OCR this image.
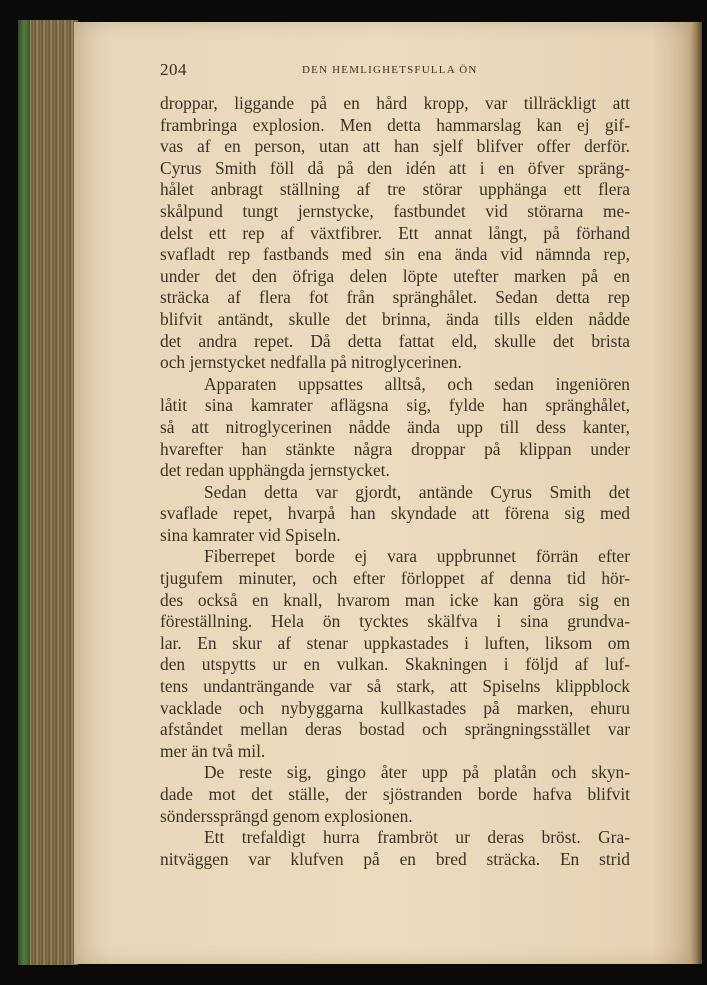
204	DEN HEMLIGHETSFULLA ÖN
droppar, liggande på en hård kropp, var tillräckligt att
frambringa explosion. Men detta hammarslag kan ej gif-
vas af en person, utan att han sjelf blifver offer derför.
Cyrus Smith föll då på den idén att i en öfver spräng-
hålet anbragt ställning af tre störar upphänga ett flera
skålpund tungt jernstycke, fastbundet vid störarna me-
delst ett rep af växtfibrer. Ett annat långt, på förhand
svafladt rep fastbands med sin ena ända vid nämnda rep,
under det den öfriga delen löpte utefter marken på en
sträcka af flera fot från spränghålet. Sedan detta rep
blifvit antändt, skulle det brinna, ända tills elden nådde
det andra repet. Då detta fattat eld, skulle det brista
och jernstycket nedfalla på nitroglycerinen.
Apparaten uppsattes alltså, och sedan ingeniören
låtit sina kamrater aflägsna sig, fylde han spränghålet,
så att nitroglycerinen nådde ända upp till dess kanter,
hvarefter han stänkte några droppar på klippan under
det redan upphängda jernstycket.
Sedan detta var gjordt, antände Cyrus Smith det
svaflade repet, hvarpå han skyndade att förena sig med
sina kamrater vid Spiseln.
Fiberrepet borde ej vara uppbrunnet förrän efter
tjugufem minuter, och efter förloppet af denna tid hör-
des också en knall, hvarom man icke kan göra sig en
föreställning. Hela ön tycktes skälfva i sina grundva-
lar. En skur af stenar uppkastades i luften, liksom om
den utspytts ur en vulkan. Skakningen i följd af luf-
tens undanträngande var så stark, att Spiselns klippblock
vacklade och nybyggarna kullkastades på marken, ehuru
afståndet mellan deras bostad och sprängningsstället var
mer än två mil.
De reste sig, gingo åter upp på platån och skyn-
dade mot det ställe, der sjöstranden borde hafva blifvit
sönderssprängd genom explosionen.
Ett trefaldigt hurra frambröt ur deras bröst. Gra-
nitväggen var klufven på en bred sträcka. En strid
